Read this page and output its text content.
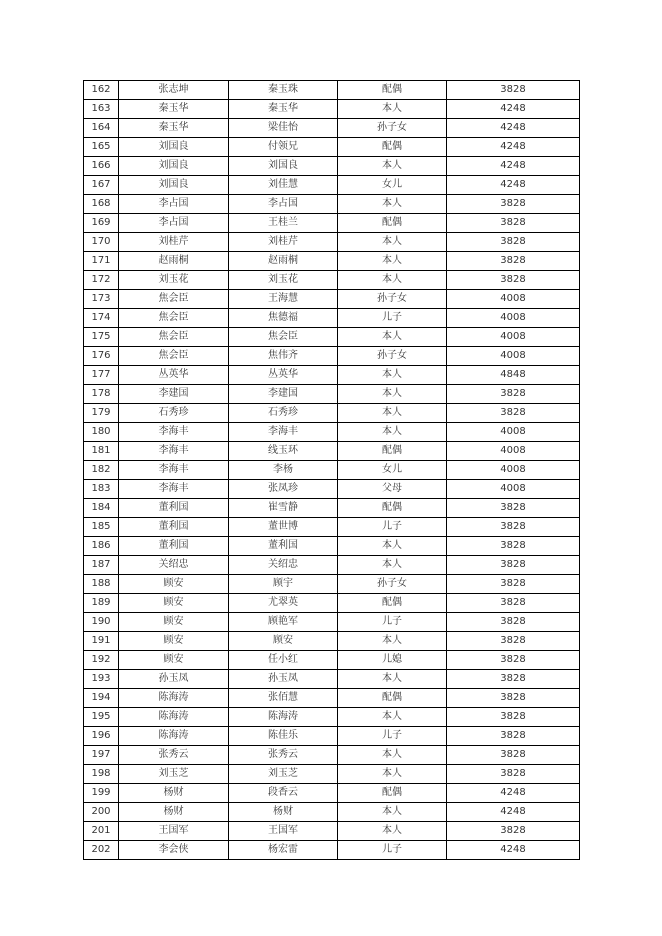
162	张志坤	秦玉珠	配偶	3828
163	秦玉华	秦玉华	本人	4248
164	秦玉华	梁佳怡	孙子女	4248
165	刘国良	付领兄	配偶	4248
166	刘国良	刘国良	本人	4248
167	刘国良	刘佳慧	女儿	4248
168	李占国	李占国	本人	3828
169	李占国	王桂兰	配偶	3828
170	刘桂芹	刘桂芹	本人	3828
171	赵雨桐	赵雨桐	本人	3828
172	刘玉花	刘玉花	本人	3828
173	焦会臣	王海慧	孙子女	4008
174	焦会臣	焦德福	儿子	4008
175	焦会臣	焦会臣	本人	4008
176	焦会臣	焦伟齐	孙子女	4008
177	丛英华	丛英华	本人	4848
178	李建国	李建国	本人	3828
179	石秀珍	石秀珍	本人	3828
180	李海丰	李海丰	本人	4008
181	李海丰	线玉环	配偶	4008
182	李海丰	李杨	女儿	4008
183	李海丰	张凤珍	父母	4008
184	董利国	崔雪静	配偶	3828
185	董利国	董世博	儿子	3828
186	董利国	董利国	本人	3828
187	关绍忠	关绍忠	本人	3828
188	顾安	顾宇	孙子女	3828
189	顾安	尤翠英	配偶	3828
190	顾安	顾艳军	儿子	3828
191	顾安	顾安	本人	3828
192	顾安	任小红	儿媳	3828
193	孙玉凤	孙玉凤	本人	3828
194	陈海涛	张佰慧	配偶	3828
195	陈海涛	陈海涛	本人	3828
196	陈海涛	陈佳乐	儿子	3828
197	张秀云	张秀云	本人	3828
198	刘玉芝	刘玉芝	本人	3828
199	杨财	段香云	配偶	4248
200	杨财	杨财	本人	4248
201	王国军	王国军	本人	3828
202	李会侠	杨宏雷	儿子	4248
